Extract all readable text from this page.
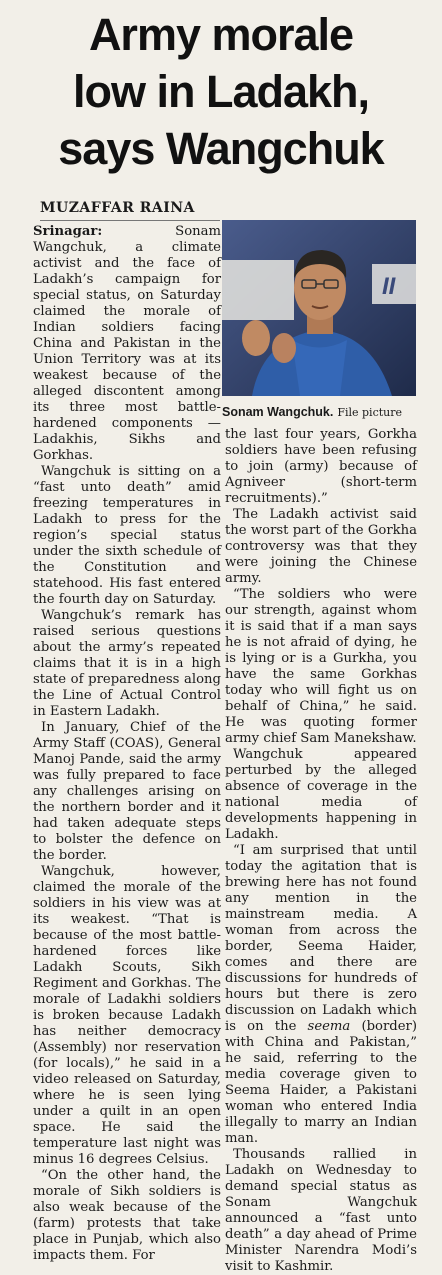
Army morale
low in Ladakh,
says Wangchuk
MUZAFFAR RAINA

Srinagar:	Sonam Wangchuk, a climate activist and the face of Ladakh’s campaign for special status, on Saturday claimed the morale of Indian soldiers facing China and Pakistan in the Union Territory was at its weakest because of the alleged discontent among its three most battle-hardened components — Ladakhis, Sikhs and Gorkhas.

Wangchuk is sitting on a “fast unto death” amid freezing temperatures in Ladakh to press for the region’s special status under the sixth schedule of the Constitution and statehood. His fast entered the fourth day on Saturday.

Wangchuk’s remark has raised serious questions about the army’s repeated claims that it is in a high state of preparedness along the Line of Actual Control in Eastern Ladakh.

In January, Chief of the Army Staff (COAS), General Manoj Pande, said the army was fully prepared to face any challenges arising on the northern border and it had taken adequate steps to bolster the defence on the border.

Wangchuk, however, claimed the morale of the soldiers in his view was at its weakest. “That is because of the most battle-hardened forces like Ladakh Scouts, Sikh Regiment and Gorkhas. The morale of Ladakhi soldiers is broken because Ladakh has neither democracy (Assembly) nor reservation (for locals),” he said in a video released on Saturday, where he is seen lying under a quilt in an open space. He said the temperature last night was minus 16 degrees Celsius.

“On the other hand, the morale of Sikh soldiers is also weak because of the (farm) protests that take place in Punjab, which also impacts them. For

II
Sonam Wangchuk. File picture

the last four years, Gorkha soldiers have been refusing to join (army) because of Agniveer (short-term recruitments).”

The Ladakh activist said the worst part of the Gorkha controversy was that they were joining the Chinese army.

“The soldiers who were our strength, against whom it is said that if a man says he is not afraid of dying, he is lying or is a Gurkha, you have the same Gorkhas today who will fight us on behalf of China,” he said. He was quoting former army chief Sam Manekshaw.

Wangchuk appeared perturbed by the alleged absence of coverage in the national media of developments happening in Ladakh.

“I am surprised that until today the agitation that is brewing here has not found any mention in the mainstream media. A woman from across the border, Seema Haider, comes and there are discussions for hundreds of hours but there is zero discussion on Ladakh which is on the seema (border) with China and Pakistan,” he said, referring to the media coverage given to Seema Haider, a Pakistani woman who entered India illegally to marry an Indian man.

Thousands rallied in Ladakh on Wednesday to demand special status as Sonam Wangchuk announced a “fast unto death” a day ahead of Prime Minister Narendra Modi’s visit to Kashmir.
